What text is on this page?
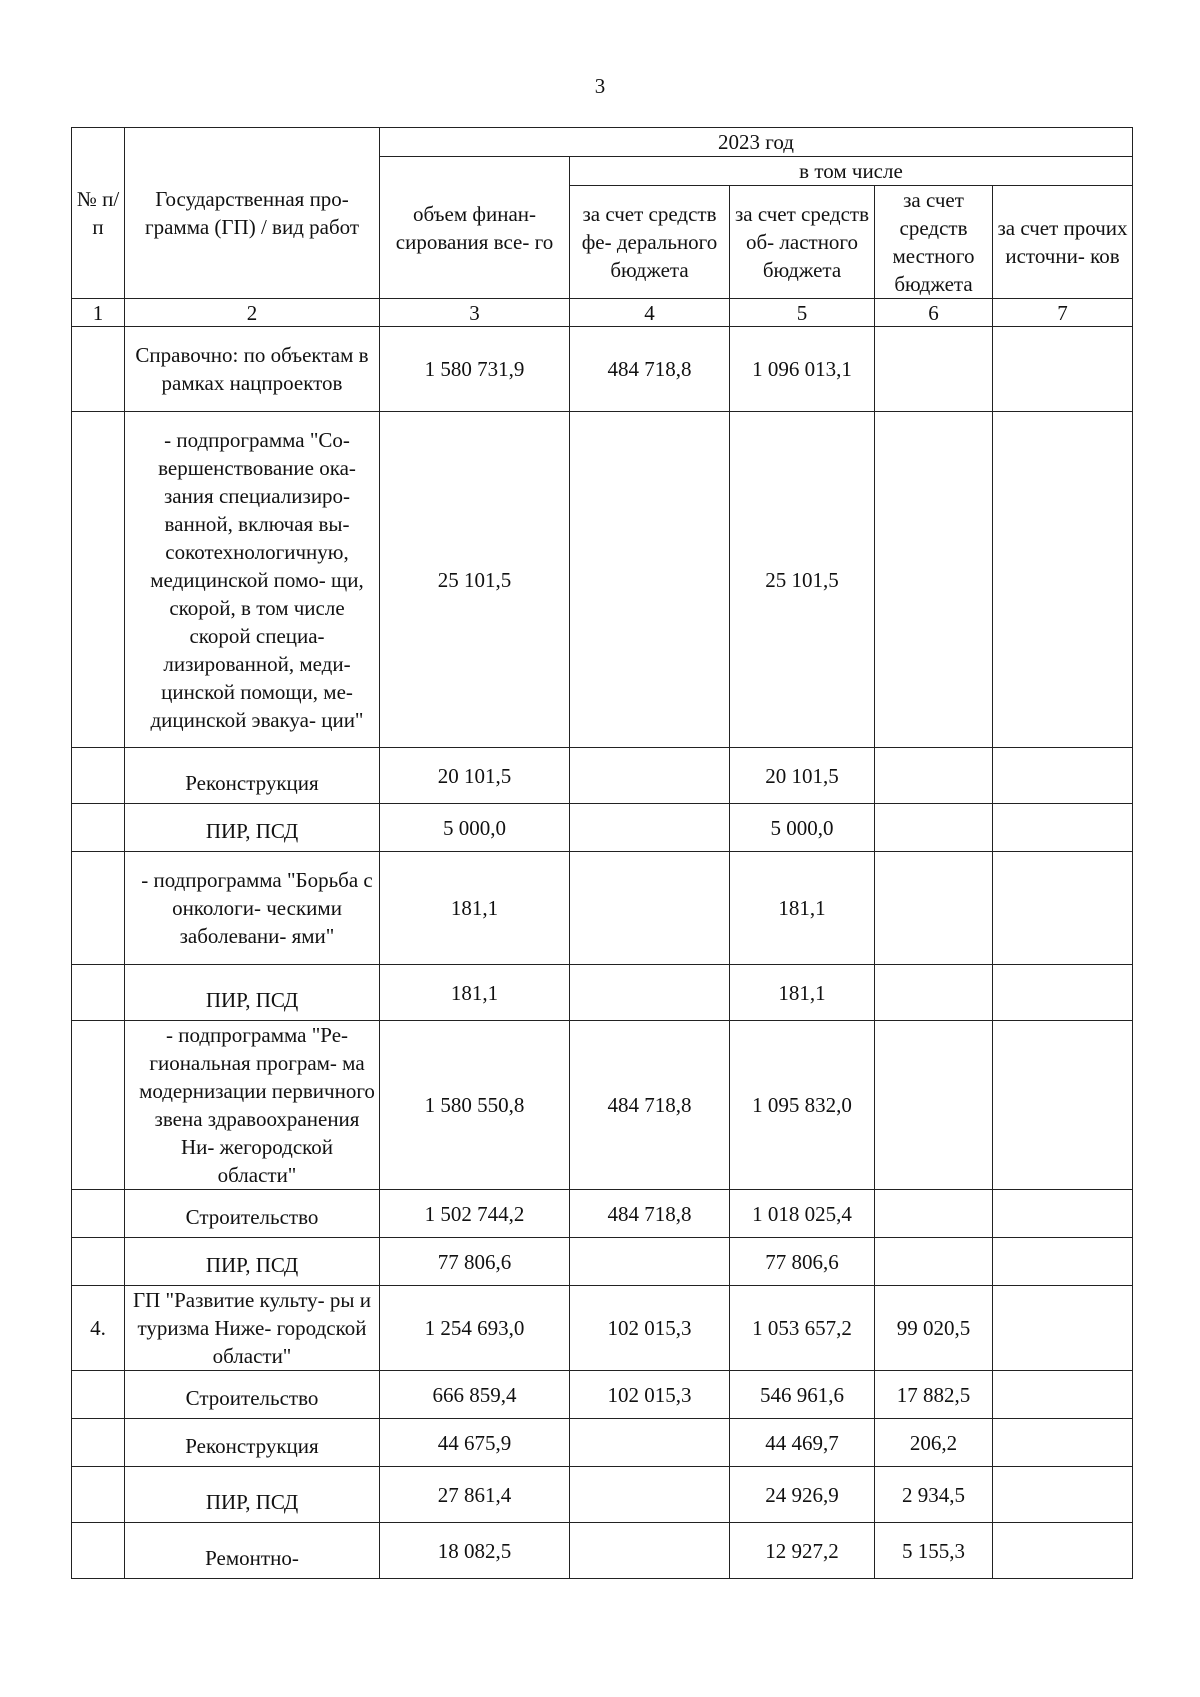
3
№ п/ п	Государственная про- грамма (ГП) / вид работ	2023 год				
		объем финан- сирования все- го	в том числе			
			за счет средств фе- дерального бюджета	за счет средств об- ластного бюджета	за счет средств местного бюджета	за счет прочих источни- ков
1	2	3	4	5	6	7
	Справочно: по объектам в рамках нацпроектов	1 580 731,9	484 718,8	1 096 013,1		
	- подпрограмма "Со- вершенствование ока- зания специализиро- ванной, включая вы- сокотехнологичную, медицинской помо- щи, скорой, в том числе скорой специа- лизированной, меди- цинской помощи, ме- дицинской эвакуа- ции"	25 101,5		25 101,5		
	Реконструкция	20 101,5		20 101,5		
	ПИР, ПСД	5 000,0		5 000,0		
	- подпрограмма "Борьба с онкологи- ческими заболевани- ями"	181,1		181,1		
	ПИР, ПСД	181,1		181,1		
	- подпрограмма "Ре- гиональная програм- ма модернизации первичного звена здравоохранения Ни- жегородской области"	1 580 550,8	484 718,8	1 095 832,0		
	Строительство	1 502 744,2	484 718,8	1 018 025,4		
	ПИР, ПСД	77 806,6		77 806,6		
4.	ГП "Развитие культу- ры и туризма Ниже- городской области"	1 254 693,0	102 015,3	1 053 657,2	99 020,5	
	Строительство	666 859,4	102 015,3	546 961,6	17 882,5	
	Реконструкция	44 675,9		44 469,7	206,2	
	ПИР, ПСД	27 861,4		24 926,9	2 934,5	
	Ремонтно-	18 082,5		12 927,2	5 155,3	
